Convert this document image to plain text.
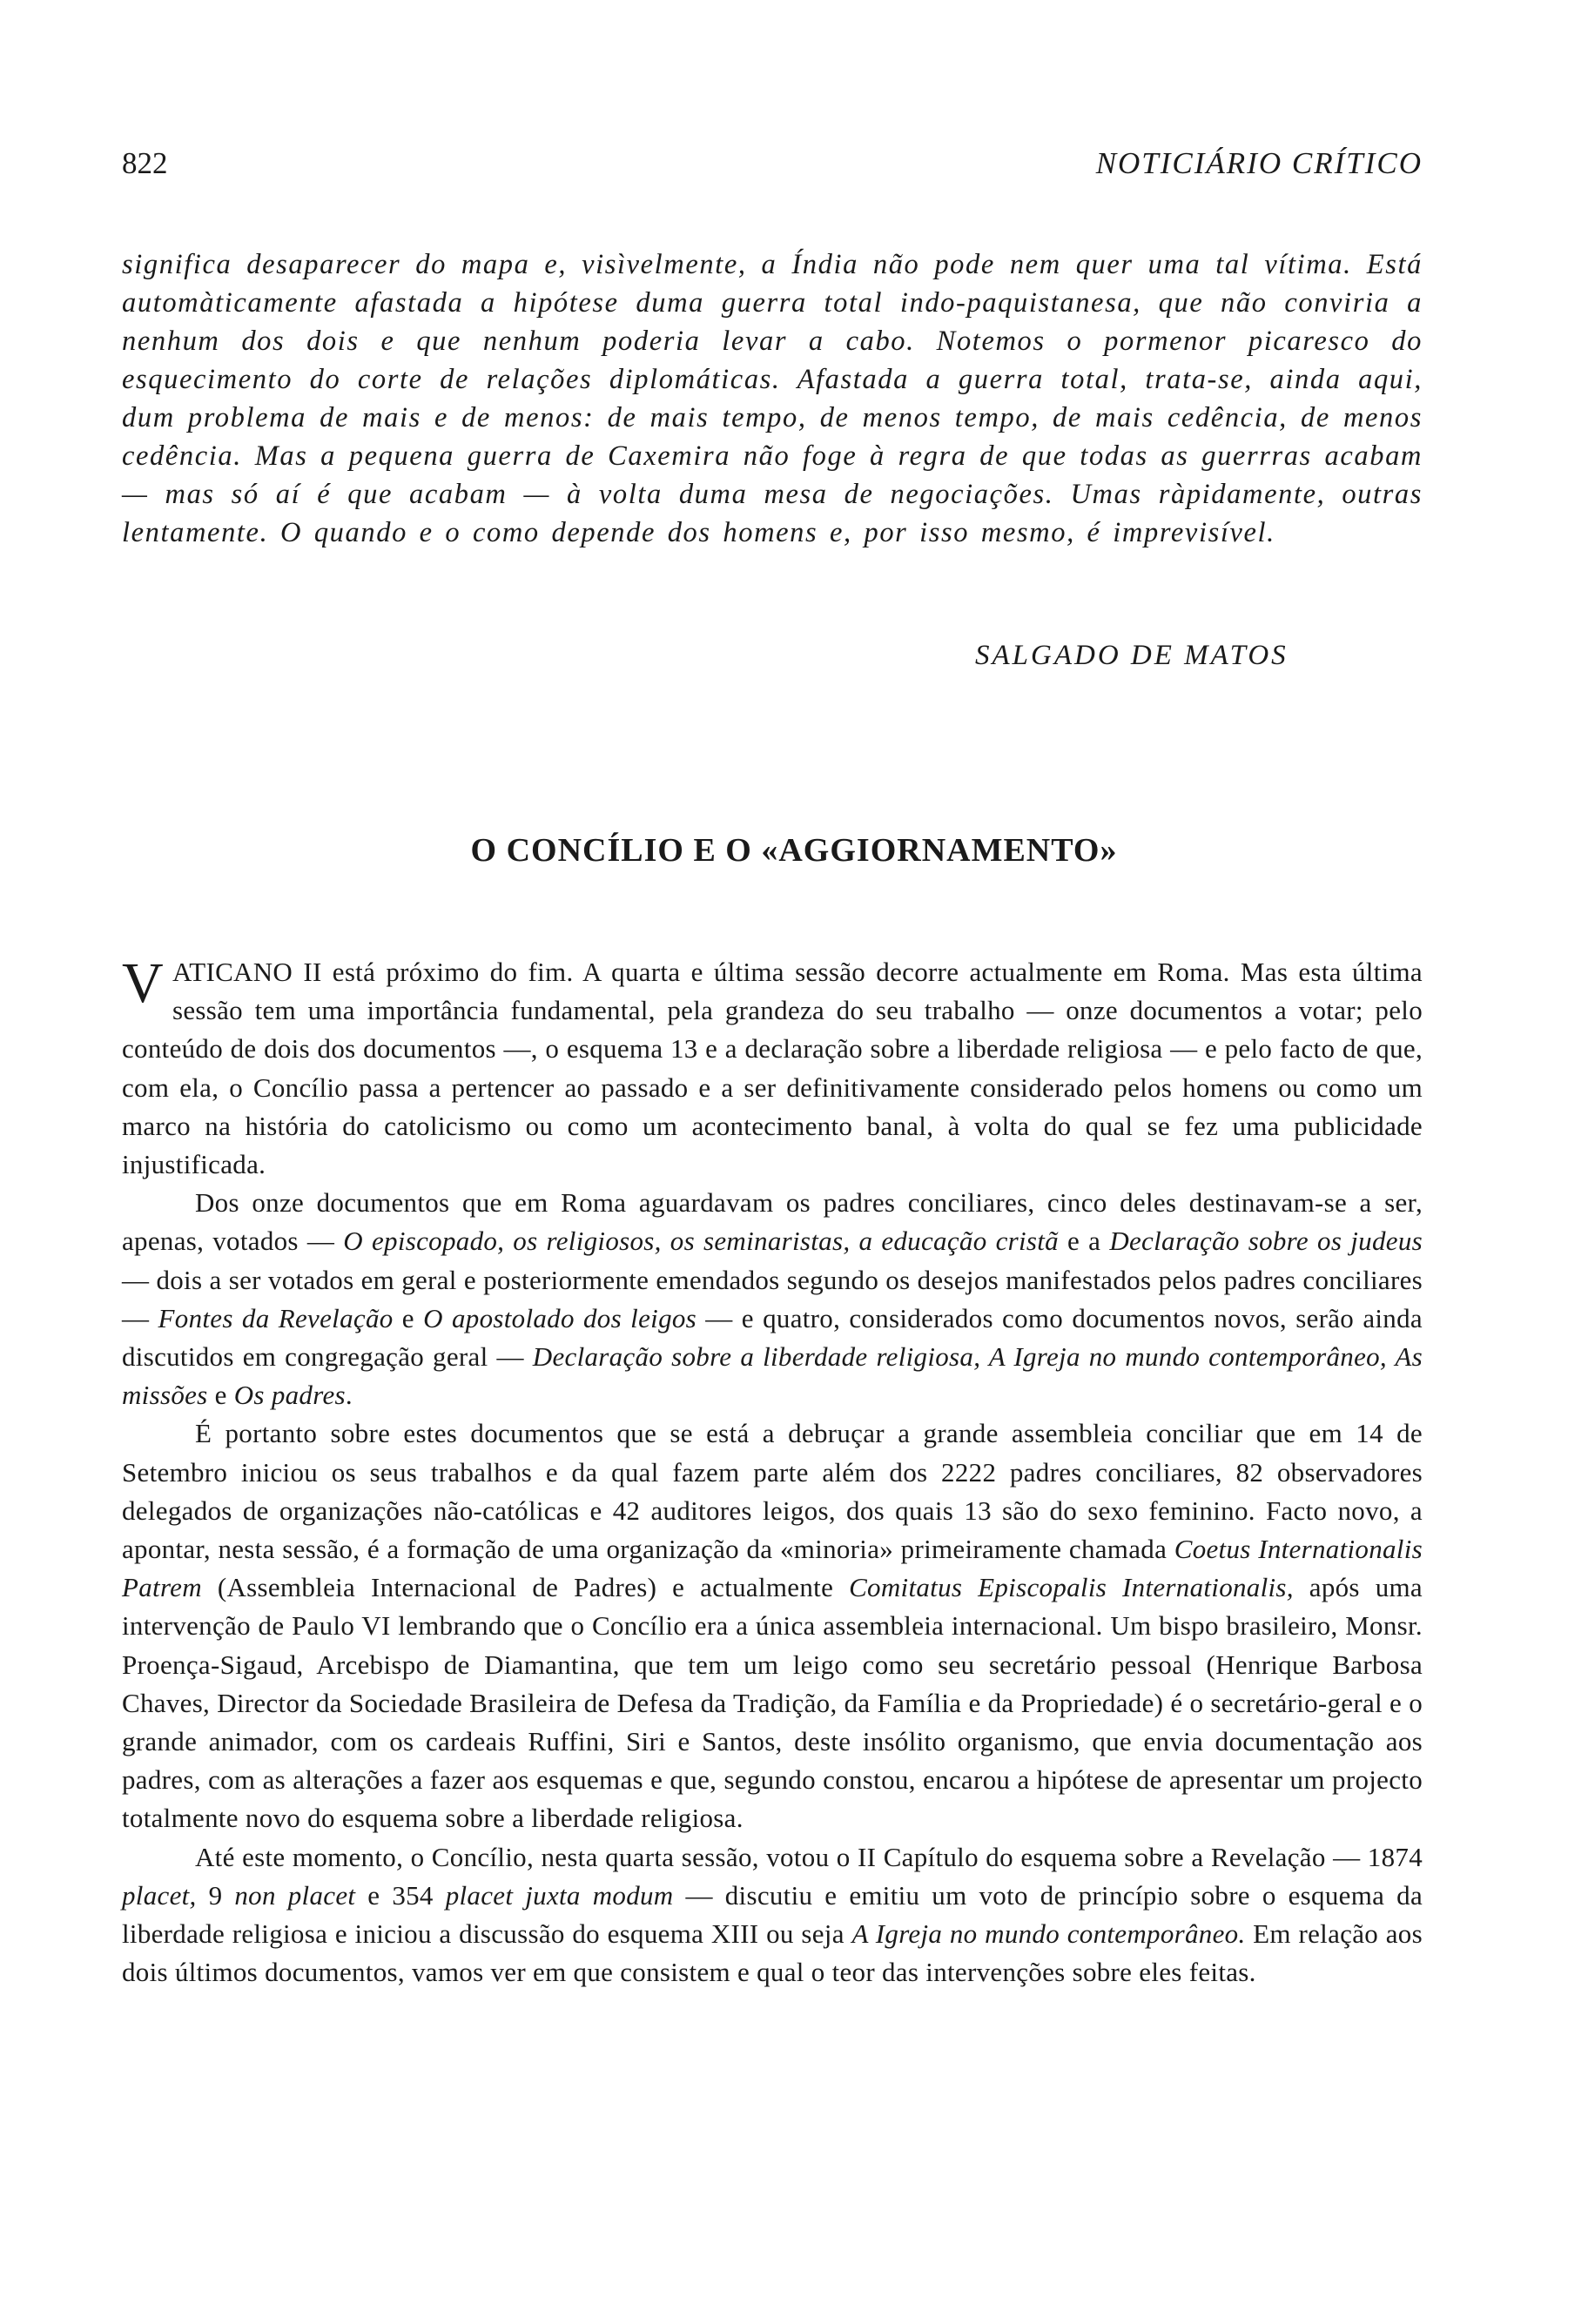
822	NOTICIÁRIO CRÍTICO
significa desaparecer do mapa e, visìvelmente, a Índia não pode nem quer uma tal vítima. Está automàticamente afastada a hipótese duma guerra total indo-paquistanesa, que não conviria a nenhum dos dois e que nenhum poderia levar a cabo. Notemos o pormenor picaresco do esquecimento do corte de relações diplomáticas. Afastada a guerra total, trata-se, ainda aqui, dum problema de mais e de menos: de mais tempo, de menos tempo, de mais cedência, de menos cedência. Mas a pequena guerra de Caxemira não foge à regra de que todas as guerrras acabam — mas só aí é que acabam — à volta duma mesa de negociações. Umas ràpidamente, outras lentamente. O quando e o como depende dos homens e, por isso mesmo, é imprevisível.
SALGADO DE MATOS
O CONCÍLIO E O «AGGIORNAMENTO»

VATICANO II está próximo do fim. A quarta e última sessão decorre actualmente em Roma. Mas esta última sessão tem uma importância fundamental, pela grandeza do seu trabalho — onze documentos a votar; pelo conteúdo de dois dos documentos —, o esquema 13 e a declaração sobre a liberdade religiosa — e pelo facto de que, com ela, o Concílio passa a pertencer ao passado e a ser definitivamente considerado pelos homens ou como um marco na história do catolicismo ou como um acontecimento banal, à volta do qual se fez uma publicidade injustificada.

Dos onze documentos que em Roma aguardavam os padres conciliares, cinco deles destinavam-se a ser, apenas, votados — O episcopado, os religiosos, os seminaristas, a educação cristã e a Declaração sobre os judeus — dois a ser votados em geral e posteriormente emendados segundo os desejos manifestados pelos padres conciliares — Fontes da Revelação e O apostolado dos leigos — e quatro, considerados como documentos novos, serão ainda discutidos em congregação geral — Declaração sobre a liberdade religiosa, A Igreja no mundo contemporâneo, As missões e Os padres.

É portanto sobre estes documentos que se está a debruçar a grande assembleia conciliar que em 14 de Setembro iniciou os seus trabalhos e da qual fazem parte além dos 2222 padres conciliares, 82 observadores delegados de organizações não-católicas e 42 auditores leigos, dos quais 13 são do sexo feminino. Facto novo, a apontar, nesta sessão, é a formação de uma organização da «minoria» primeiramente chamada Coetus Internationalis Patrem (Assembleia Internacional de Padres) e actualmente Comitatus Episcopalis Internationalis, após uma intervenção de Paulo VI lembrando que o Concílio era a única assembleia internacional. Um bispo brasileiro, Monsr. Proença-Sigaud, Arcebispo de Diamantina, que tem um leigo como seu secretário pessoal (Henrique Barbosa Chaves, Director da Sociedade Brasileira de Defesa da Tradição, da Família e da Propriedade) é o secretário-geral e o grande animador, com os cardeais Ruffini, Siri e Santos, deste insólito organismo, que envia documentação aos padres, com as alterações a fazer aos esquemas e que, segundo constou, encarou a hipótese de apresentar um projecto totalmente novo do esquema sobre a liberdade religiosa.

Até este momento, o Concílio, nesta quarta sessão, votou o II Capítulo do esquema sobre a Revelação — 1874 placet, 9 non placet e 354 placet juxta modum — discutiu e emitiu um voto de princípio sobre o esquema da liberdade religiosa e iniciou a discussão do esquema XIII ou seja A Igreja no mundo contemporâneo. Em relação aos dois últimos documentos, vamos ver em que consistem e qual o teor das intervenções sobre eles feitas.
